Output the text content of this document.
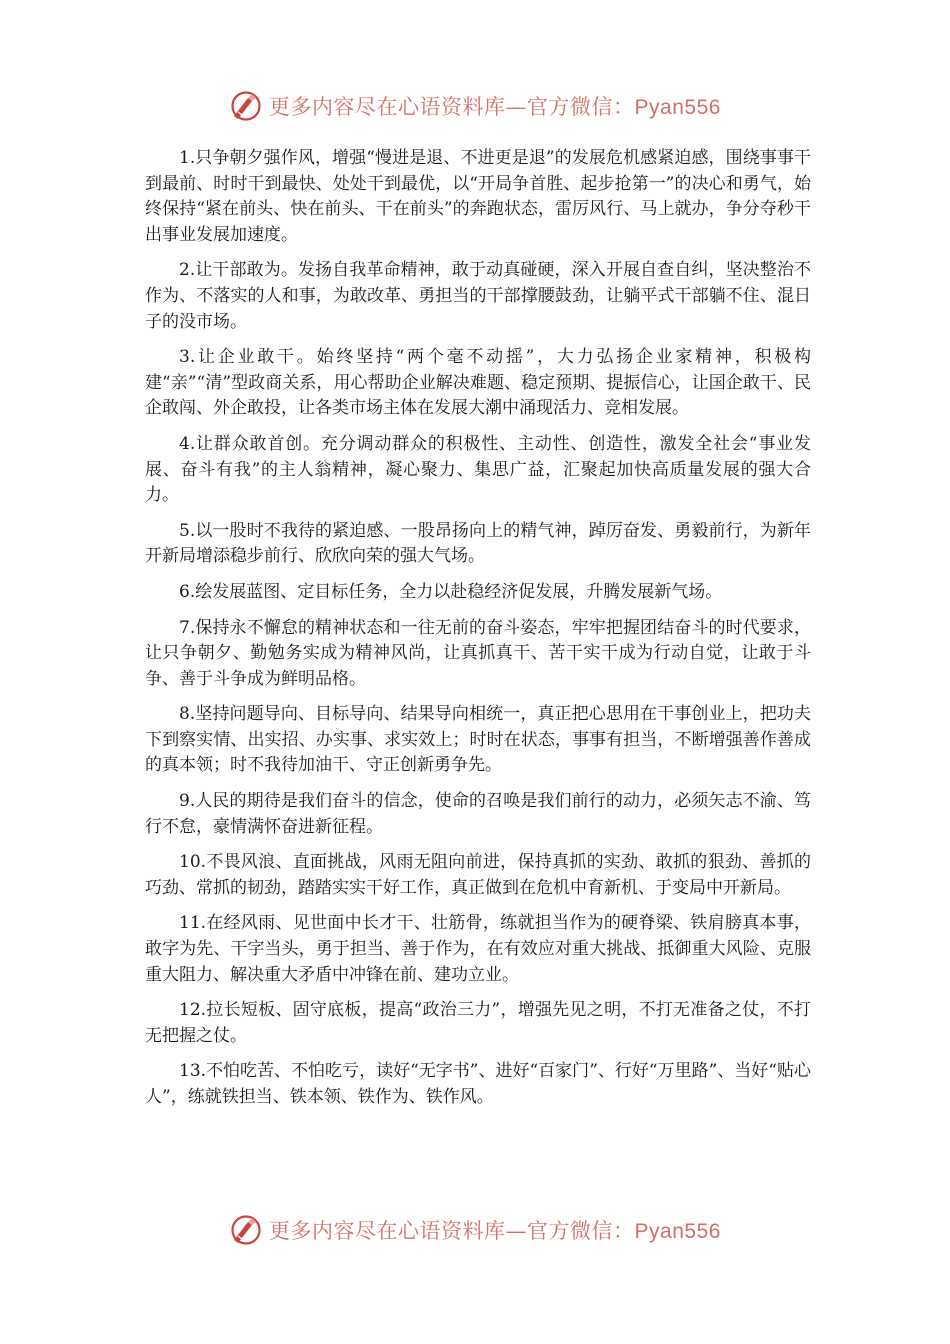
更多内容尽在心语资料库—官方微信：Pyan556

1.只争朝夕强作风，增强“慢进是退、不进更是退”的发展危机感紧迫感，围绕事事干到最前、时时干到最快、处处干到最优，以“开局争首胜、起步抢第一”的决心和勇气，始终保持“紧在前头、快在前头、干在前头”的奔跑状态，雷厉风行、马上就办，争分夺秒干出事业发展加速度。

2.让干部敢为。发扬自我革命精神，敢于动真碰硬，深入开展自查自纠，坚决整治不作为、不落实的人和事，为敢改革、勇担当的干部撑腰鼓劲，让躺平式干部躺不住、混日子的没市场。

3.让企业敢干。始终坚持“两个毫不动摇”，大力弘扬企业家精神，积极构建“亲”“清”型政商关系，用心帮助企业解决难题、稳定预期、提振信心，让国企敢干、民企敢闯、外企敢投，让各类市场主体在发展大潮中涌现活力、竞相发展。

4.让群众敢首创。充分调动群众的积极性、主动性、创造性，激发全社会“事业发展、奋斗有我”的主人翁精神，凝心聚力、集思广益，汇聚起加快高质量发展的强大合力。

5.以一股时不我待的紧迫感、一股昂扬向上的精气神，踔厉奋发、勇毅前行，为新年开新局增添稳步前行、欣欣向荣的强大气场。

6.绘发展蓝图、定目标任务，全力以赴稳经济促发展，升腾发展新气场。

7.保持永不懈怠的精神状态和一往无前的奋斗姿态，牢牢把握团结奋斗的时代要求，让只争朝夕、勤勉务实成为精神风尚，让真抓真干、苦干实干成为行动自觉，让敢于斗争、善于斗争成为鲜明品格。

8.坚持问题导向、目标导向、结果导向相统一，真正把心思用在干事创业上，把功夫下到察实情、出实招、办实事、求实效上；时时在状态，事事有担当，不断增强善作善成的真本领；时不我待加油干、守正创新勇争先。

9.人民的期待是我们奋斗的信念，使命的召唤是我们前行的动力，必须矢志不渝、笃行不怠，豪情满怀奋进新征程。

10.不畏风浪、直面挑战，风雨无阻向前进，保持真抓的实劲、敢抓的狠劲、善抓的巧劲、常抓的韧劲，踏踏实实干好工作，真正做到在危机中育新机、于变局中开新局。

11.在经风雨、见世面中长才干、壮筋骨，练就担当作为的硬脊梁、铁肩膀真本事，敢字为先、干字当头，勇于担当、善于作为，在有效应对重大挑战、抵御重大风险、克服重大阻力、解决重大矛盾中冲锋在前、建功立业。

12.拉长短板、固守底板，提高“政治三力”，增强先见之明，不打无准备之仗，不打无把握之仗。

13.不怕吃苦、不怕吃亏，读好“无字书”、进好“百家门”、行好“万里路”、当好“贴心人”，练就铁担当、铁本领、铁作为、铁作风。

更多内容尽在心语资料库—官方微信：Pyan556
